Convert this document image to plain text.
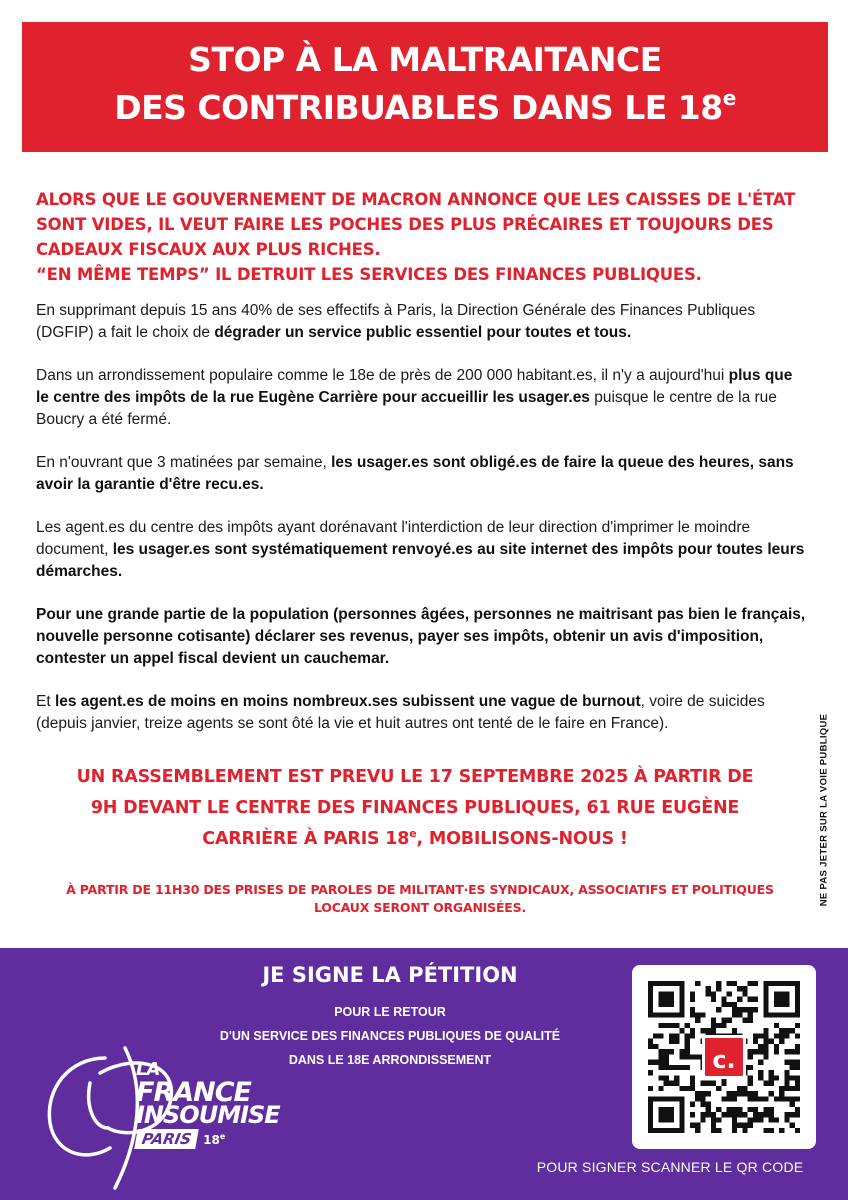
STOP À LA MALTRAITANCE
DES CONTRIBUABLES DANS LE 18e

ALORS QUE LE GOUVERNEMENT DE MACRON ANNONCE QUE LES CAISSES DE L'ÉTAT

SONT VIDES, IL VEUT FAIRE LES POCHES DES PLUS PRÉCAIRES ET TOUJOURS DES

CADEAUX FISCAUX AUX PLUS RICHES.

“EN MÊME TEMPS” IL DETRUIT LES SERVICES DES FINANCES PUBLIQUES.

En supprimant depuis 15 ans 40% de ses effectifs à Paris, la Direction Générale des Finances Publiques (DGFIP) a fait le choix de dégrader un service public essentiel pour toutes et tous.

Dans un arrondissement populaire comme le 18e de près de 200 000 habitant.es, il n'y a aujourd'hui plus que le centre des impôts de la rue Eugène Carrière pour accueillir les usager.es puisque le centre de la rue Boucry a été fermé.

En n'ouvrant que 3 matinées par semaine, les usager.es sont obligé.es de faire la queue des heures, sans avoir la garantie d'être recu.es.

Les agent.es du centre des impôts ayant dorénavant l'interdiction de leur direction d'imprimer le moindre document, les usager.es sont systématiquement renvoyé.es au site internet des impôts pour toutes leurs démarches.

Pour une grande partie de la population (personnes âgées, personnes ne maitrisant pas bien le français, nouvelle personne cotisante) déclarer ses revenus, payer ses impôts, obtenir un avis d'imposition, contester un appel fiscal devient un cauchemar.

Et les agent.es de moins en moins nombreux.ses subissent une vague de burnout, voire de suicides (depuis janvier, treize agents se sont ôté la vie et huit autres ont tenté de le faire en France).

UN RASSEMBLEMENT EST PREVU LE 17 SEPTEMBRE 2025 À PARTIR DE
9H DEVANT LE CENTRE DES FINANCES PUBLIQUES, 61 RUE EUGÈNE
CARRIÈRE À PARIS 18e, MOBILISONS-NOUS !
À PARTIR DE 11H30 DES PRISES DE PAROLES DE MILITANT·ES SYNDICAUX, ASSOCIATIFS ET POLITIQUES
LOCAUX SERONT ORGANISÉES.
NE PAS JETER SUR LA VOIE PUBLIQUE
JE SIGNE LA PÉTITION
POUR LE RETOUR
D'UN SERVICE DES FINANCES PUBLIQUES DE QUALITÉ
DANS LE 18E ARRONDISSEMENT
LA
FRANCE
INSOUMISE
PARIS 18e
c.
POUR SIGNER SCANNER LE QR CODE
